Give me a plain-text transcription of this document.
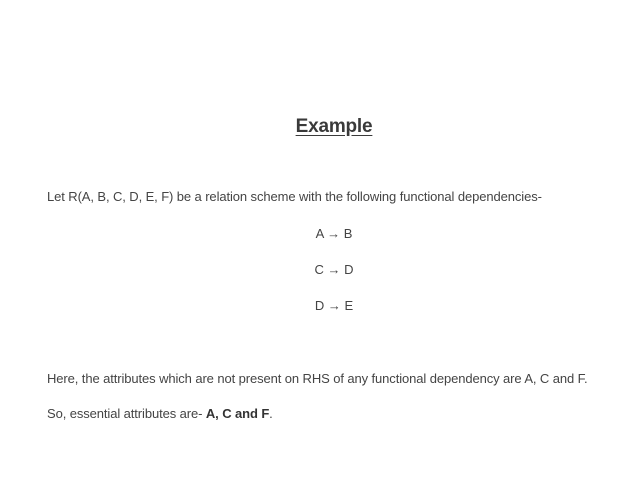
Example
Let R(A, B, C, D, E, F) be a relation scheme with the following functional dependencies-
A → B
C → D
D → E
Here, the attributes which are not present on RHS of any functional dependency are A, C and F.
So, essential attributes are- A, C and F.
